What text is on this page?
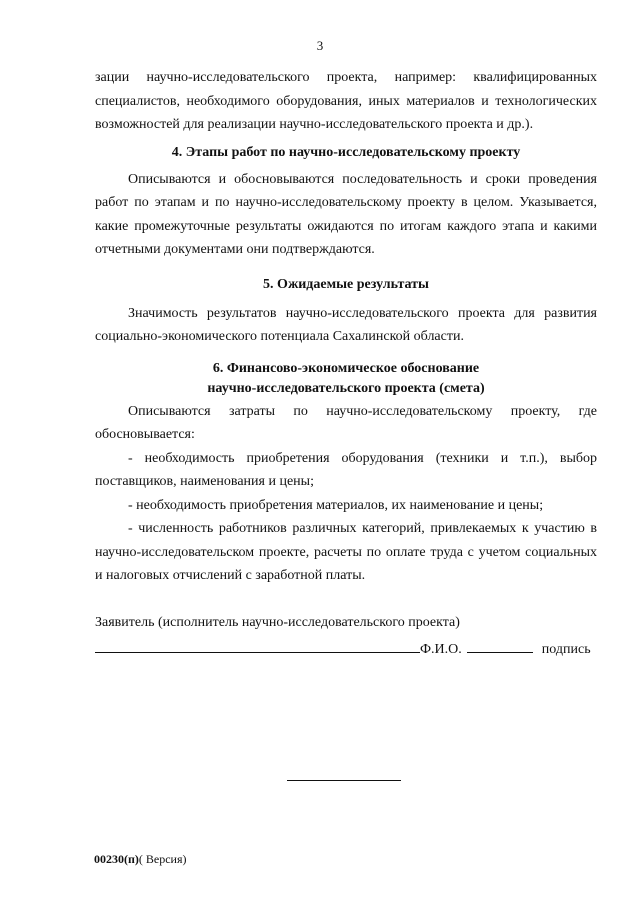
3

зации научно-исследовательского проекта, например: квалифицированных специалистов, необходимого оборудования, иных материалов и технологических возможностей для реализации научно-исследовательского проекта и др.).

4. Этапы работ по научно-исследовательскому проекту

Описываются и обосновываются последовательность и сроки проведения работ по этапам и по научно-исследовательскому проекту в целом. Указывается, какие промежуточные результаты ожидаются по итогам каждого этапа и какими отчетными документами они подтверждаются.

5. Ожидаемые результаты

Значимость результатов научно-исследовательского проекта для развития социально-экономического потенциала Сахалинской области.

6. Финансово-экономическое обоснование

научно-исследовательского проекта (смета)

Описываются затраты по научно-исследовательскому проекту, где обосновывается:

- необходимость приобретения оборудования (техники и т.п.), выбор поставщиков, наименования и цены;

- необходимость приобретения материалов, их наименование и цены;

- численность работников различных категорий, привлекаемых к участию в научно-исследовательском проекте, расчеты по оплате труда с учетом социальных и налоговых отчислений с заработной платы.

Заявитель (исполнитель научно-исследовательского проекта)

Ф.И.О.	подпись
00230(п)( Версия)
